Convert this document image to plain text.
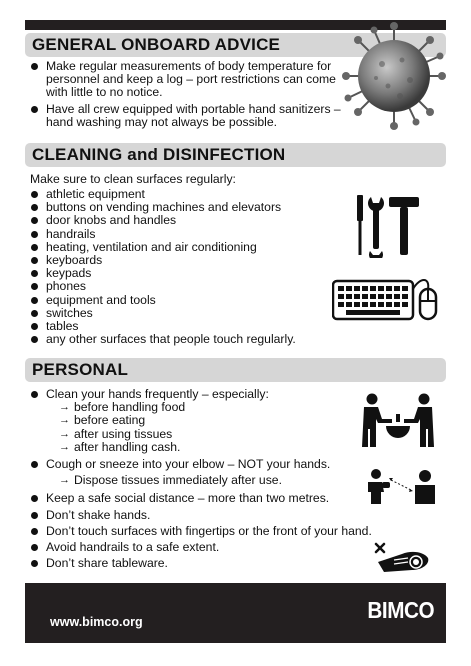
GENERAL ONBOARD ADVICE
Make regular measurements of body temperature for personnel and keep a log – port restrictions can come with little to no notice.
Have all crew equipped with portable hand sanitizers – hand washing may not always be possible.
CLEANING and DISINFECTION
Make sure to clean surfaces regularly:
athletic equipment
buttons on vending machines and elevators
door knobs and handles
handrails
heating, ventilation and air conditioning
keyboards
keypads
phones
equipment and tools
switches
tables
any other surfaces that people touch regularly.
PERSONAL
Clean your hands frequently – especially:
→ before handling food
→ before eating
→ after using tissues
→ after handling cash.
Cough or sneeze into your elbow – NOT your hands.
→ Dispose tissues immediately after use.
Keep a safe social distance – more than two metres.
Don’t shake hands.
Don’t touch surfaces with fingertips or the front of your hand.
Avoid handrails to a safe extent.
Don’t share tableware.
www.bimco.org	BIMCO
